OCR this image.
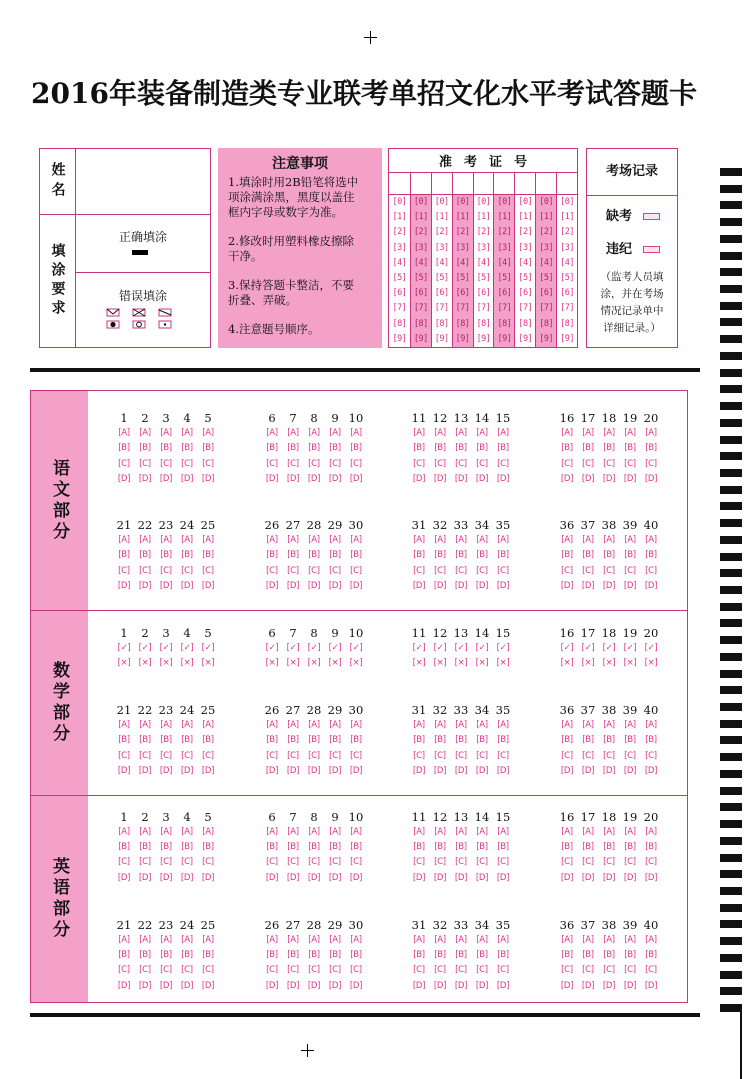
2016年装备制造类专业联考单招文化水平考试答题卡
姓名
填涂要求
正确填涂
错误填涂
注意事项

1.填涂时用2B铅笔将选中项涂满涂黑，黑度以盖住框内字母或数字为准。

2.修改时用塑料橡皮擦除干净。

3.保持答题卡整洁，不要折叠、弄破。

4.注意题号顺序。

准考证号
[0]
[1]
[2]
[3]
[4]
[5]
[6]
[7]
[8]
[9]
[0]
[1]
[2]
[3]
[4]
[5]
[6]
[7]
[8]
[9]
[0]
[1]
[2]
[3]
[4]
[5]
[6]
[7]
[8]
[9]
[0]
[1]
[2]
[3]
[4]
[5]
[6]
[7]
[8]
[9]
[0]
[1]
[2]
[3]
[4]
[5]
[6]
[7]
[8]
[9]
[0]
[1]
[2]
[3]
[4]
[5]
[6]
[7]
[8]
[9]
[0]
[1]
[2]
[3]
[4]
[5]
[6]
[7]
[8]
[9]
[0]
[1]
[2]
[3]
[4]
[5]
[6]
[7]
[8]
[9]
[0]
[1]
[2]
[3]
[4]
[5]
[6]
[7]
[8]
[9]
考场记录
缺考
违纪
（监考人员填涂，并在考场情况记录单中详细记录。）
语文部分
数学部分
英语部分
1
[A]
[B]
[C]
[D]
2
[A]
[B]
[C]
[D]
3
[A]
[B]
[C]
[D]
4
[A]
[B]
[C]
[D]
5
[A]
[B]
[C]
[D]
6
[A]
[B]
[C]
[D]
7
[A]
[B]
[C]
[D]
8
[A]
[B]
[C]
[D]
9
[A]
[B]
[C]
[D]
10
[A]
[B]
[C]
[D]
11
[A]
[B]
[C]
[D]
12
[A]
[B]
[C]
[D]
13
[A]
[B]
[C]
[D]
14
[A]
[B]
[C]
[D]
15
[A]
[B]
[C]
[D]
16
[A]
[B]
[C]
[D]
17
[A]
[B]
[C]
[D]
18
[A]
[B]
[C]
[D]
19
[A]
[B]
[C]
[D]
20
[A]
[B]
[C]
[D]
21
[A]
[B]
[C]
[D]
22
[A]
[B]
[C]
[D]
23
[A]
[B]
[C]
[D]
24
[A]
[B]
[C]
[D]
25
[A]
[B]
[C]
[D]
26
[A]
[B]
[C]
[D]
27
[A]
[B]
[C]
[D]
28
[A]
[B]
[C]
[D]
29
[A]
[B]
[C]
[D]
30
[A]
[B]
[C]
[D]
31
[A]
[B]
[C]
[D]
32
[A]
[B]
[C]
[D]
33
[A]
[B]
[C]
[D]
34
[A]
[B]
[C]
[D]
35
[A]
[B]
[C]
[D]
36
[A]
[B]
[C]
[D]
37
[A]
[B]
[C]
[D]
38
[A]
[B]
[C]
[D]
39
[A]
[B]
[C]
[D]
40
[A]
[B]
[C]
[D]
1
[✓]
[×]
2
[✓]
[×]
3
[✓]
[×]
4
[✓]
[×]
5
[✓]
[×]
6
[✓]
[×]
7
[✓]
[×]
8
[✓]
[×]
9
[✓]
[×]
10
[✓]
[×]
11
[✓]
[×]
12
[✓]
[×]
13
[✓]
[×]
14
[✓]
[×]
15
[✓]
[×]
16
[✓]
[×]
17
[✓]
[×]
18
[✓]
[×]
19
[✓]
[×]
20
[✓]
[×]
21
[A]
[B]
[C]
[D]
22
[A]
[B]
[C]
[D]
23
[A]
[B]
[C]
[D]
24
[A]
[B]
[C]
[D]
25
[A]
[B]
[C]
[D]
26
[A]
[B]
[C]
[D]
27
[A]
[B]
[C]
[D]
28
[A]
[B]
[C]
[D]
29
[A]
[B]
[C]
[D]
30
[A]
[B]
[C]
[D]
31
[A]
[B]
[C]
[D]
32
[A]
[B]
[C]
[D]
33
[A]
[B]
[C]
[D]
34
[A]
[B]
[C]
[D]
35
[A]
[B]
[C]
[D]
36
[A]
[B]
[C]
[D]
37
[A]
[B]
[C]
[D]
38
[A]
[B]
[C]
[D]
39
[A]
[B]
[C]
[D]
40
[A]
[B]
[C]
[D]
1
[A]
[B]
[C]
[D]
2
[A]
[B]
[C]
[D]
3
[A]
[B]
[C]
[D]
4
[A]
[B]
[C]
[D]
5
[A]
[B]
[C]
[D]
6
[A]
[B]
[C]
[D]
7
[A]
[B]
[C]
[D]
8
[A]
[B]
[C]
[D]
9
[A]
[B]
[C]
[D]
10
[A]
[B]
[C]
[D]
11
[A]
[B]
[C]
[D]
12
[A]
[B]
[C]
[D]
13
[A]
[B]
[C]
[D]
14
[A]
[B]
[C]
[D]
15
[A]
[B]
[C]
[D]
16
[A]
[B]
[C]
[D]
17
[A]
[B]
[C]
[D]
18
[A]
[B]
[C]
[D]
19
[A]
[B]
[C]
[D]
20
[A]
[B]
[C]
[D]
21
[A]
[B]
[C]
[D]
22
[A]
[B]
[C]
[D]
23
[A]
[B]
[C]
[D]
24
[A]
[B]
[C]
[D]
25
[A]
[B]
[C]
[D]
26
[A]
[B]
[C]
[D]
27
[A]
[B]
[C]
[D]
28
[A]
[B]
[C]
[D]
29
[A]
[B]
[C]
[D]
30
[A]
[B]
[C]
[D]
31
[A]
[B]
[C]
[D]
32
[A]
[B]
[C]
[D]
33
[A]
[B]
[C]
[D]
34
[A]
[B]
[C]
[D]
35
[A]
[B]
[C]
[D]
36
[A]
[B]
[C]
[D]
37
[A]
[B]
[C]
[D]
38
[A]
[B]
[C]
[D]
39
[A]
[B]
[C]
[D]
40
[A]
[B]
[C]
[D]
